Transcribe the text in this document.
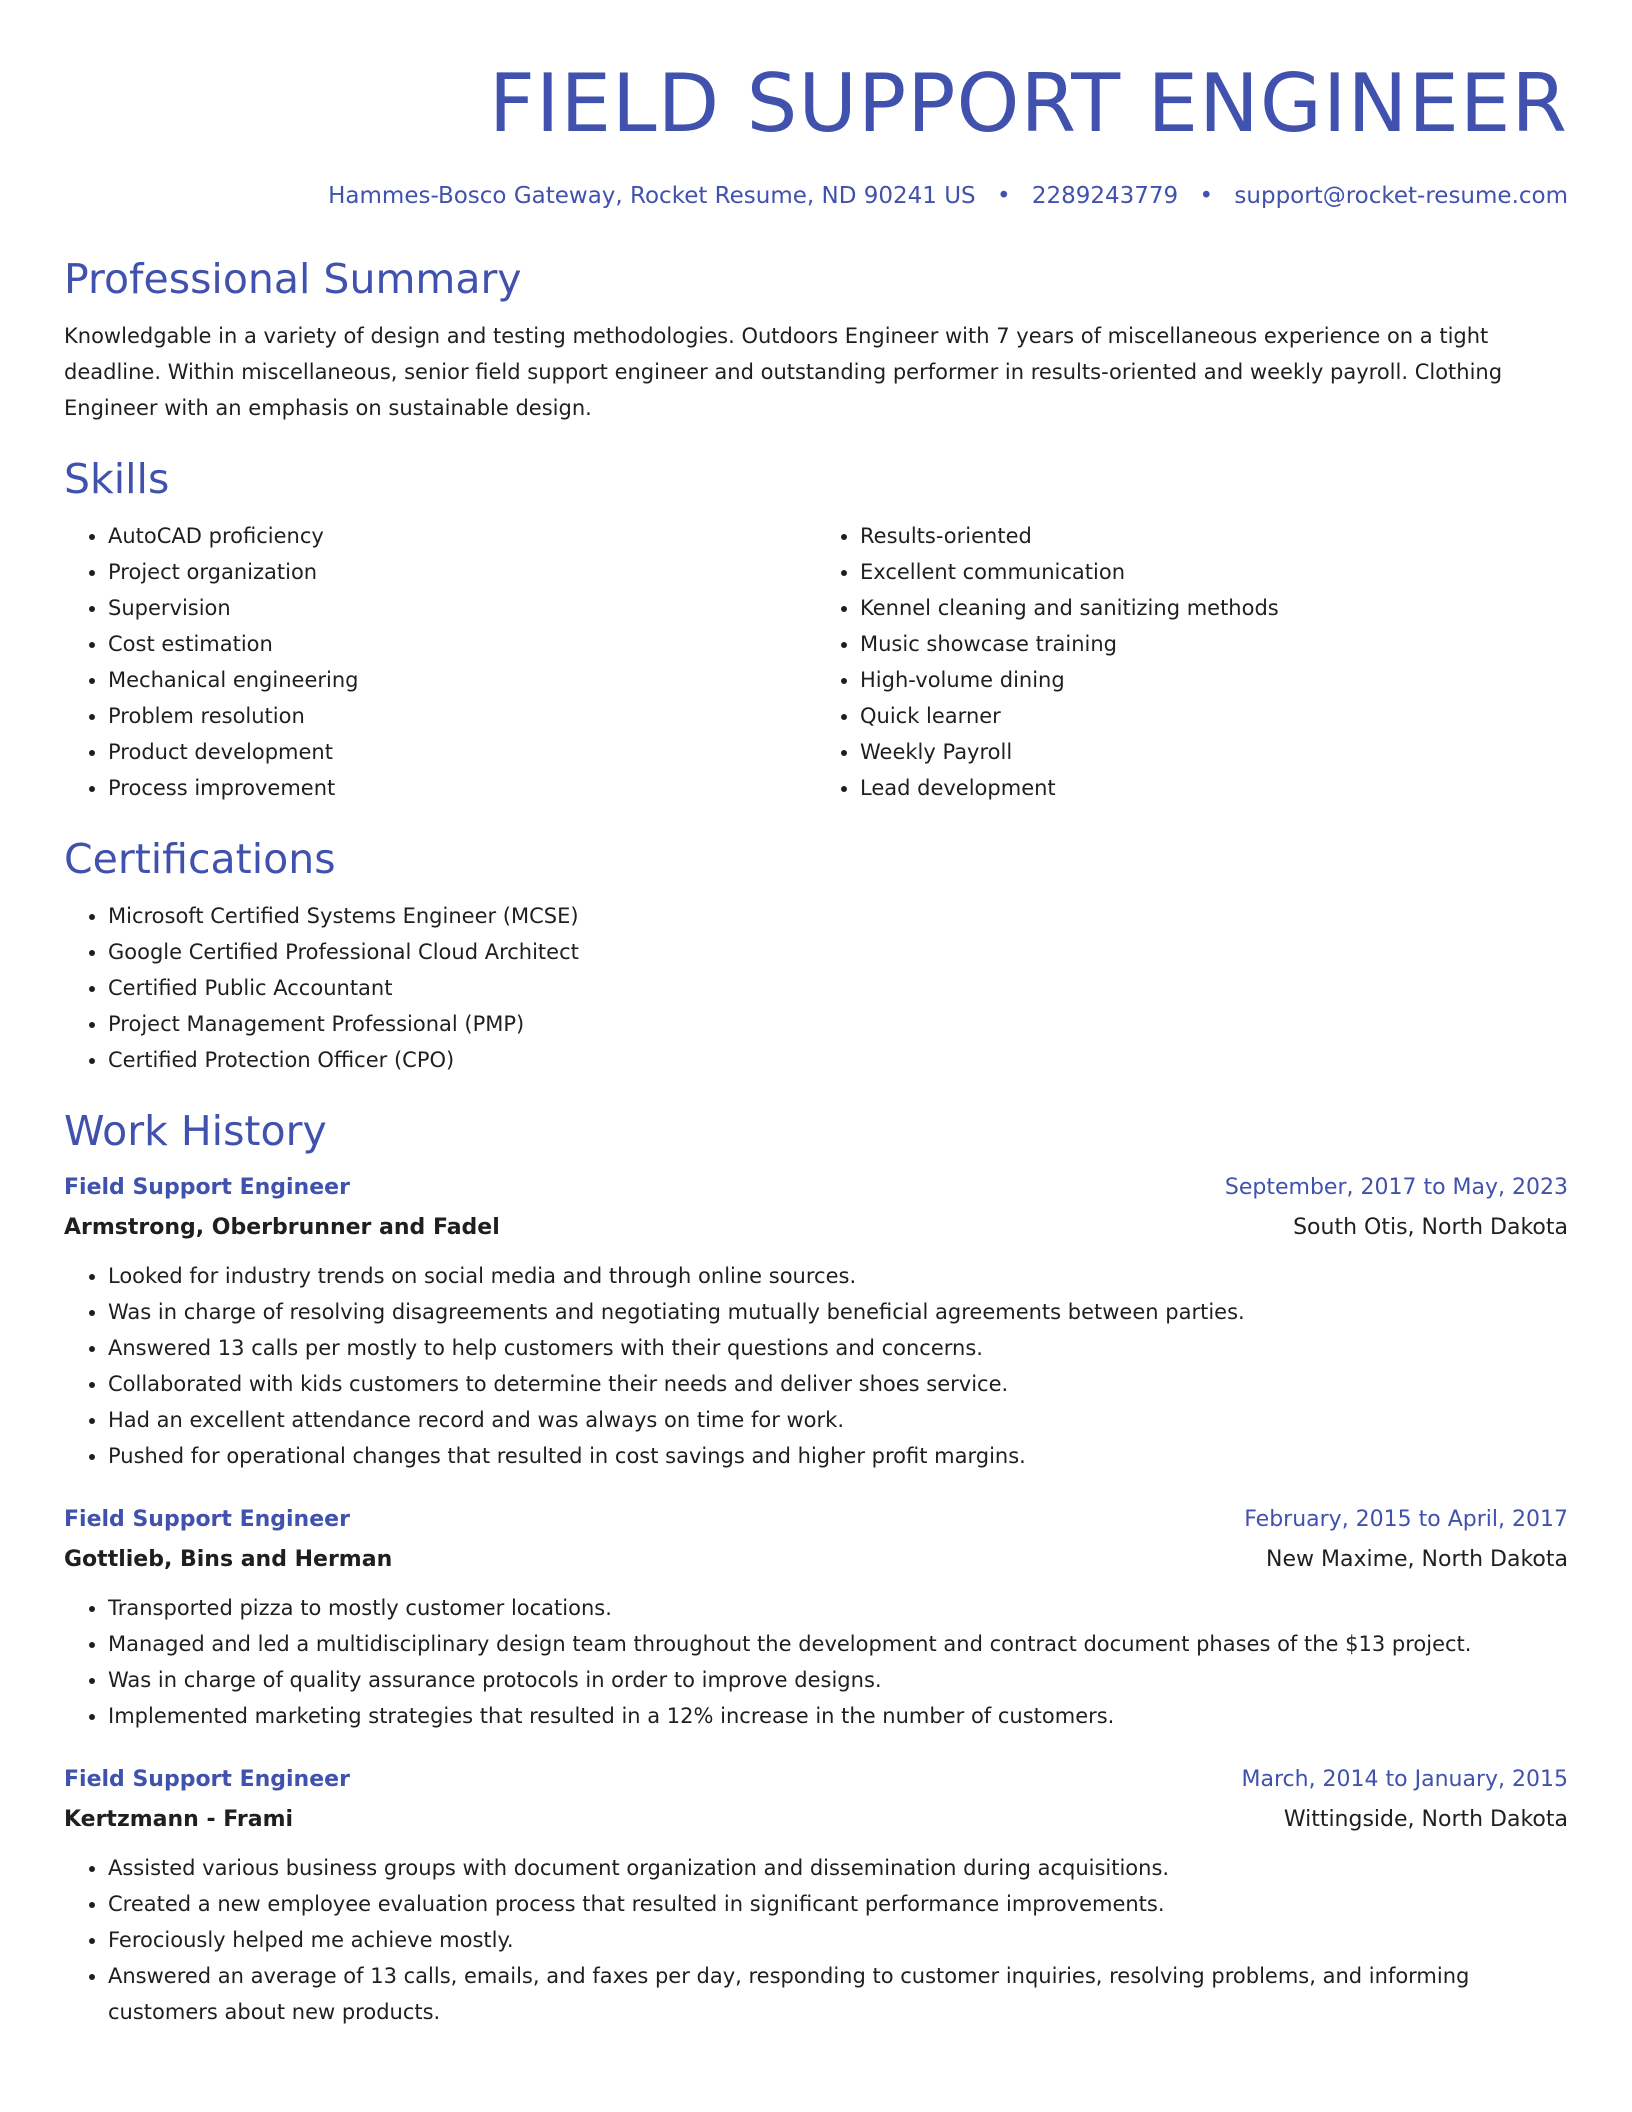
FIELD SUPPORT ENGINEER
Hammes-Bosco Gateway, Rocket Resume, ND 90241 US • 2289243779 • support@rocket-resume.com
Professional Summary
Knowledgable in a variety of design and testing methodologies. Outdoors Engineer with 7 years of miscellaneous experience on a tight deadline. Within miscellaneous, senior field support engineer and outstanding performer in results-oriented and weekly payroll. Clothing Engineer with an emphasis on sustainable design.
Skills
• AutoCAD proficiency
• Project organization
• Supervision
• Cost estimation
• Mechanical engineering
• Problem resolution
• Product development
• Process improvement
• Results-oriented
• Excellent communication
• Kennel cleaning and sanitizing methods
• Music showcase training
• High-volume dining
• Quick learner
• Weekly Payroll
• Lead development
Certifications
• Microsoft Certified Systems Engineer (MCSE)
• Google Certified Professional Cloud Architect
• Certified Public Accountant
• Project Management Professional (PMP)
• Certified Protection Officer (CPO)
Work History
Field Support Engineer	September, 2017 to May, 2023
Armstrong, Oberbrunner and Fadel	South Otis, North Dakota
• Looked for industry trends on social media and through online sources.
• Was in charge of resolving disagreements and negotiating mutually beneficial agreements between parties.
• Answered 13 calls per mostly to help customers with their questions and concerns.
• Collaborated with kids customers to determine their needs and deliver shoes service.
• Had an excellent attendance record and was always on time for work.
• Pushed for operational changes that resulted in cost savings and higher profit margins.
Field Support Engineer	February, 2015 to April, 2017
Gottlieb, Bins and Herman	New Maxime, North Dakota
• Transported pizza to mostly customer locations.
• Managed and led a multidisciplinary design team throughout the development and contract document phases of the $13 project.
• Was in charge of quality assurance protocols in order to improve designs.
• Implemented marketing strategies that resulted in a 12% increase in the number of customers.
Field Support Engineer	March, 2014 to January, 2015
Kertzmann - Frami	Wittingside, North Dakota
• Assisted various business groups with document organization and dissemination during acquisitions.
• Created a new employee evaluation process that resulted in significant performance improvements.
• Ferociously helped me achieve mostly.
• Answered an average of 13 calls, emails, and faxes per day, responding to customer inquiries, resolving problems, and informing customers about new products.
